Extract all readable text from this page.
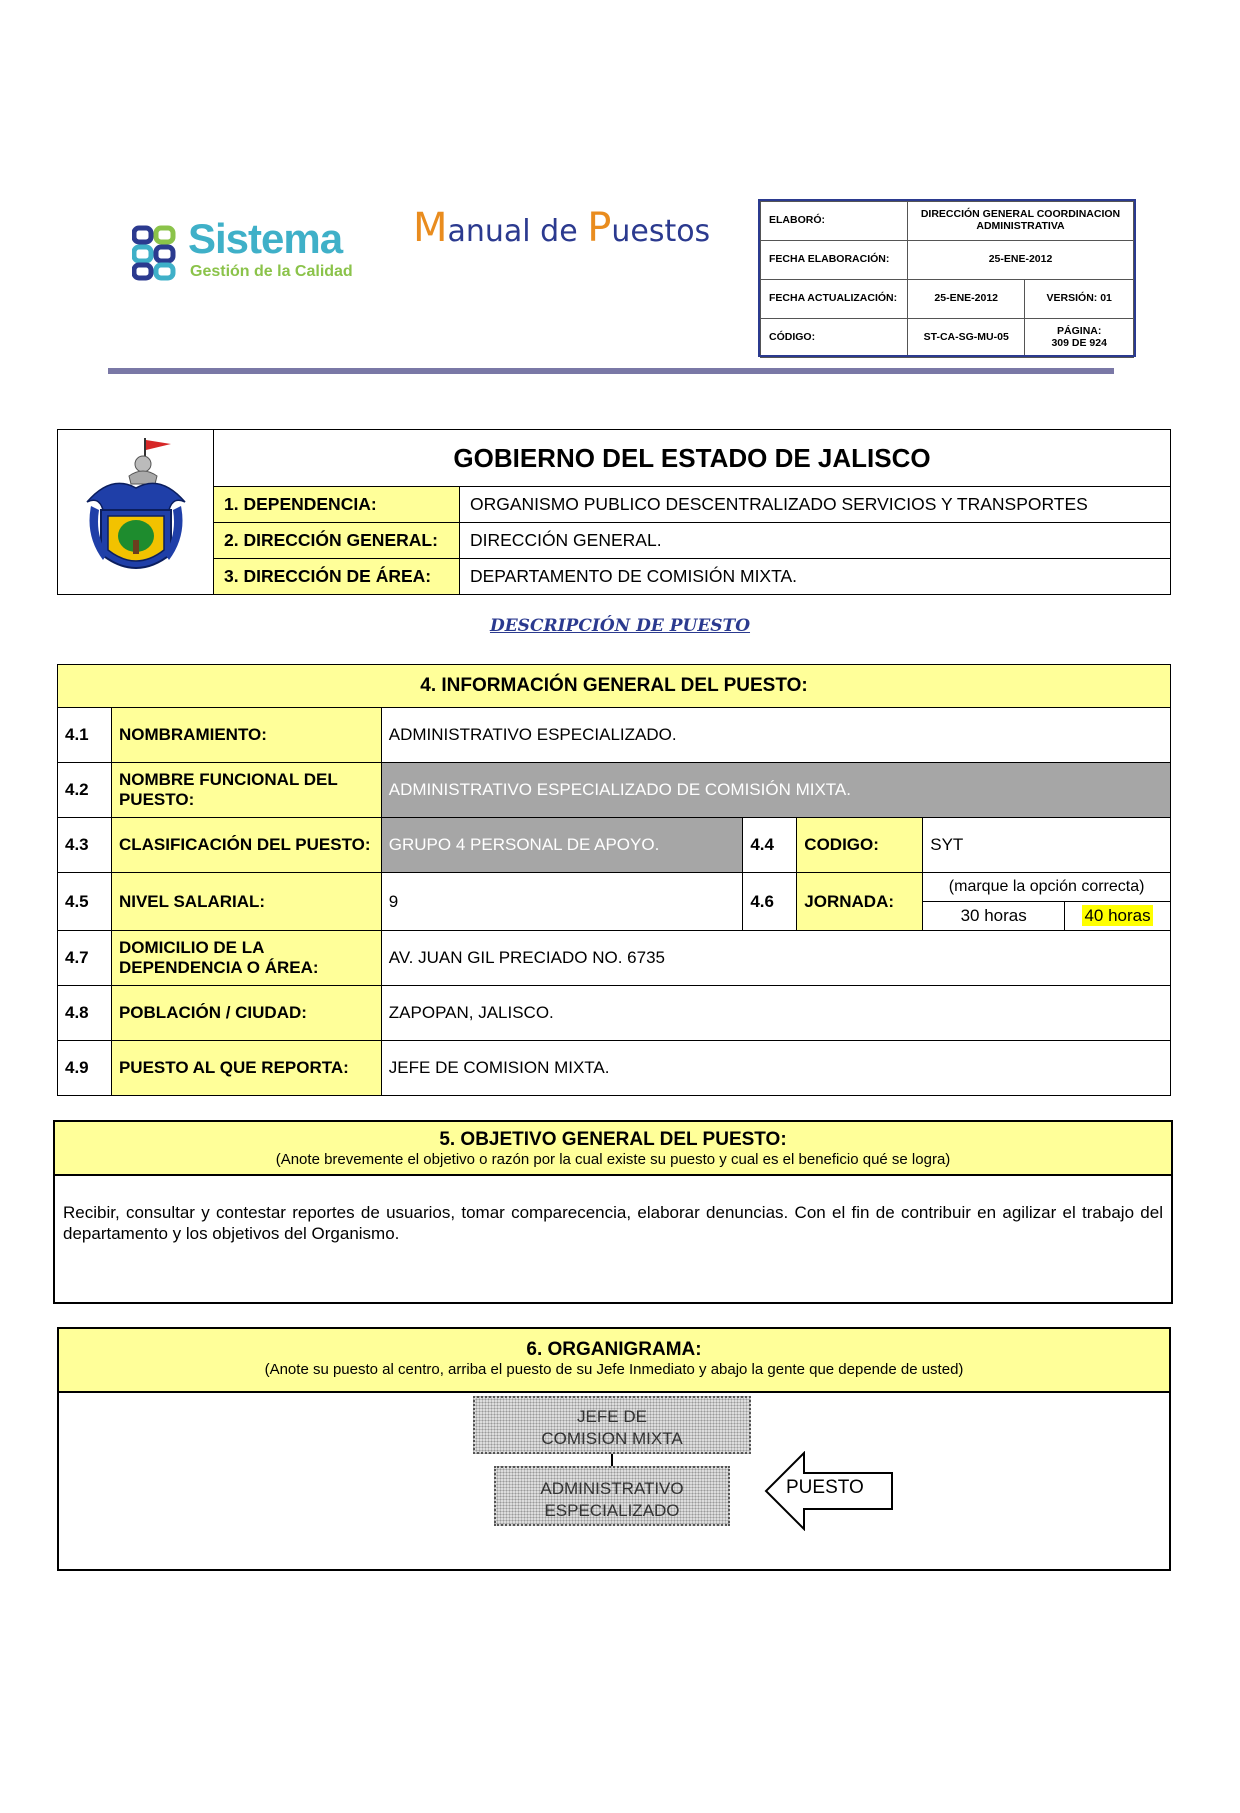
Sistema
Gestión de la Calidad
Manual de Puestos	ELABORÓ:	DIRECCIÓN GENERAL COORDINACION ADMINISTRATIVA	
FECHA ELABORACIÓN:	25-ENE-2012	
FECHA ACTUALIZACIÓN:	25-ENE-2012	VERSIÓN: 01
CÓDIGO:	ST-CA-SG-MU-05	PÁGINA:
309 DE 924
	GOBIERNO DEL ESTADO DE JALISCO	
	1. DEPENDENCIA:	ORGANISMO PUBLICO DESCENTRALIZADO SERVICIOS Y TRANSPORTES
	2. DIRECCIÓN GENERAL:	DIRECCIÓN GENERAL.
	3. DIRECCIÓN DE ÁREA:	DEPARTAMENTO DE COMISIÓN MIXTA.
DESCRIPCIÓN DE PUESTO
4. INFORMACIÓN GENERAL DEL PUESTO:						
4.1	NOMBRAMIENTO:	ADMINISTRATIVO ESPECIALIZADO.				
4.2	NOMBRE FUNCIONAL DEL PUESTO:	ADMINISTRATIVO ESPECIALIZADO DE COMISIÓN MIXTA.				
4.3	CLASIFICACIÓN DEL PUESTO:	GRUPO 4 PERSONAL DE APOYO.	4.4	CODIGO:	SYT	
4.5	NIVEL SALARIAL:	9	4.6	JORNADA:	(marque la opción correcta)	
					30 horas	40 horas
4.7	DOMICILIO DE LA DEPENDENCIA O ÁREA:	AV. JUAN GIL PRECIADO NO. 6735				
4.8	POBLACIÓN / CIUDAD:	ZAPOPAN, JALISCO.				
4.9	PUESTO AL QUE REPORTA:	JEFE DE COMISION MIXTA.				
5. OBJETIVO GENERAL DEL PUESTO:
(Anote brevemente el objetivo o razón por la cual existe su puesto y cual es el beneficio qué se logra)
Recibir, consultar y contestar reportes de usuarios, tomar comparecencia, elaborar denuncias. Con el fin de contribuir en agilizar el trabajo del departamento y los objetivos del Organismo.
6. ORGANIGRAMA:
(Anote su puesto al centro, arriba el puesto de su Jefe Inmediato y abajo la gente que depende de usted)
JEFE DE
COMISION MIXTA
ADMINISTRATIVO
ESPECIALIZADO
PUESTO
